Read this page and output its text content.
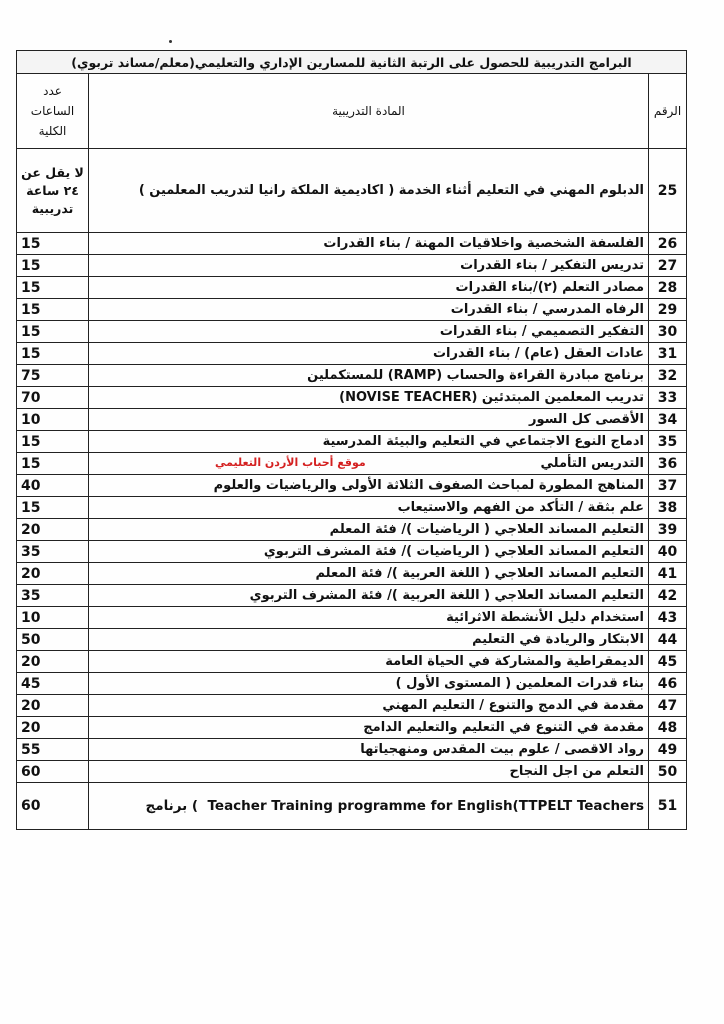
البرامج التدريبية للحصول على الرتبة الثانية للمسارين الإداري والتعليمي(معلم/مساند تربوي)		
الرقم	المادة التدريبية	عدد الساعات الكلية
25	الدبلوم المهني في التعليم أثناء الخدمة ( اكاديمية الملكة رانيا لتدريب المعلمين )	لا يقل عن ٢٤ ساعة تدريبية
26	الفلسفة الشخصية واخلاقيات المهنة / بناء القدرات	15
27	تدريس التفكير / بناء القدرات	15
28	مصادر التعلم (٢)/بناء القدرات	15
29	الرفاه المدرسي / بناء القدرات	15
30	التفكير التصميمي / بناء القدرات	15
31	عادات العقل (عام) / بناء القدرات	15
32	برنامج مبادرة القراءة والحساب (RAMP) للمستكملين	75
33	تدريب المعلمين المبتدئين (NOVISE TEACHER)	70
34	الأقصى كل السور	10
35	ادماج النوع الاجتماعي في التعليم والبيئة المدرسية	15
36	التدريس التأملي	15
37	المناهج المطورة لمباحث الصفوف الثلاثة الأولى والرياضيات والعلوم	40
38	علم بثقة / التأكد من الفهم والاستيعاب	15
39	التعليم المساند العلاجي ( الرياضيات )/ فئة المعلم	20
40	التعليم المساند العلاجي ( الرياضيات )/ فئة المشرف التربوي	35
41	التعليم المساند العلاجي ( اللغة العربية )/ فئة المعلم	20
42	التعليم المساند العلاجي ( اللغة العربية )/ فئة المشرف التربوي	35
43	استخدام دليل الأنشطة الاثرائية	10
44	الابتكار والريادة في التعليم	50
45	الديمقراطية والمشاركة في الحياة العامة	20
46	بناء قدرات المعلمين ( المستوى الأول )	45
47	مقدمة في الدمج والتنوع / التعليم المهني	20
48	مقدمة في التنوع في التعليم والتعليم الدامج	20
49	رواد الاقصى / علوم بيت المقدس ومنهجياتها	55
50	التعلم من اجل النجاح	60
51	برنامج ( Teacher Training programme for English(TTPELT Teachers	60
موقع أحباب الأردن التعليمي
